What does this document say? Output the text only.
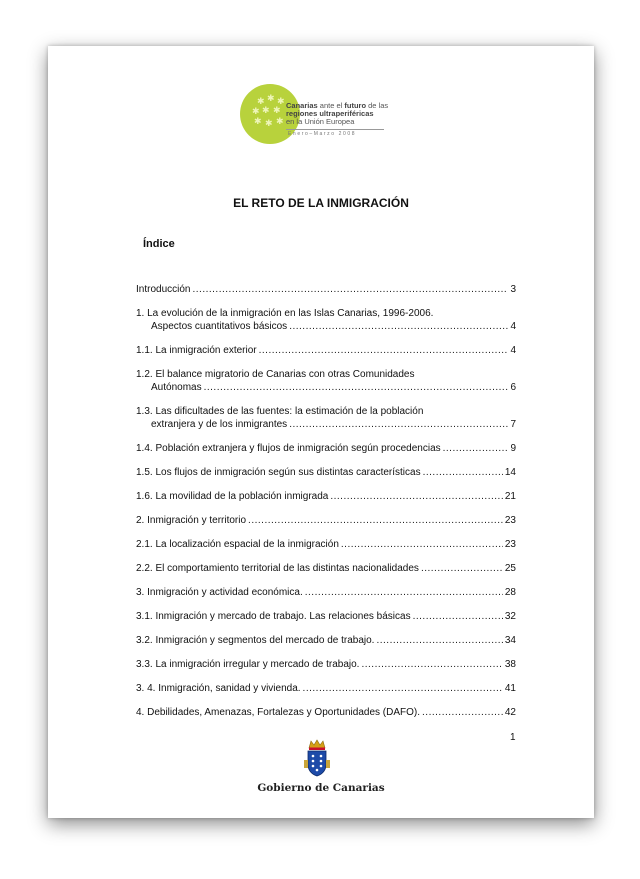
✱ ✱ ✱
✱ ✱ ✱
✱ ✱ ✱
Canarias ante el futuro de las
regiones ultraperiféricas
en la Unión Europea
Enero–Marzo 2008
EL RETO DE LA INMIGRACIÓN
Índice
Introducción .....	3
1. La evolución de la inmigración en las Islas Canarias, 1996-2006.
Aspectos cuantitativos básicos .....	4
1.1. La inmigración exterior .....	4
1.2. El balance migratorio de Canarias con otras Comunidades
Autónomas .....	6
1.3. Las dificultades de las fuentes: la estimación de la población
extranjera y de los inmigrantes .....	7
1.4. Población extranjera y flujos de inmigración según procedencias .....	9
1.5. Los flujos de inmigración según sus distintas características .....	14
1.6. La movilidad de la población inmigrada .....	21
2. Inmigración y territorio .....	23
2.1. La localización espacial de la inmigración .....	23
2.2. El comportamiento territorial de las distintas nacionalidades .....	25
3. Inmigración y actividad económica. .....	28
3.1. Inmigración y mercado de trabajo. Las relaciones básicas .....	32
3.2. Inmigración y segmentos del mercado de trabajo. .....	34
3.3. La inmigración irregular y mercado de trabajo. .....	38
3. 4. Inmigración, sanidad y vivienda. .....	41
4. Debilidades, Amenazas, Fortalezas y Oportunidades (DAFO). .....	42
1
Gobierno de Canarias
